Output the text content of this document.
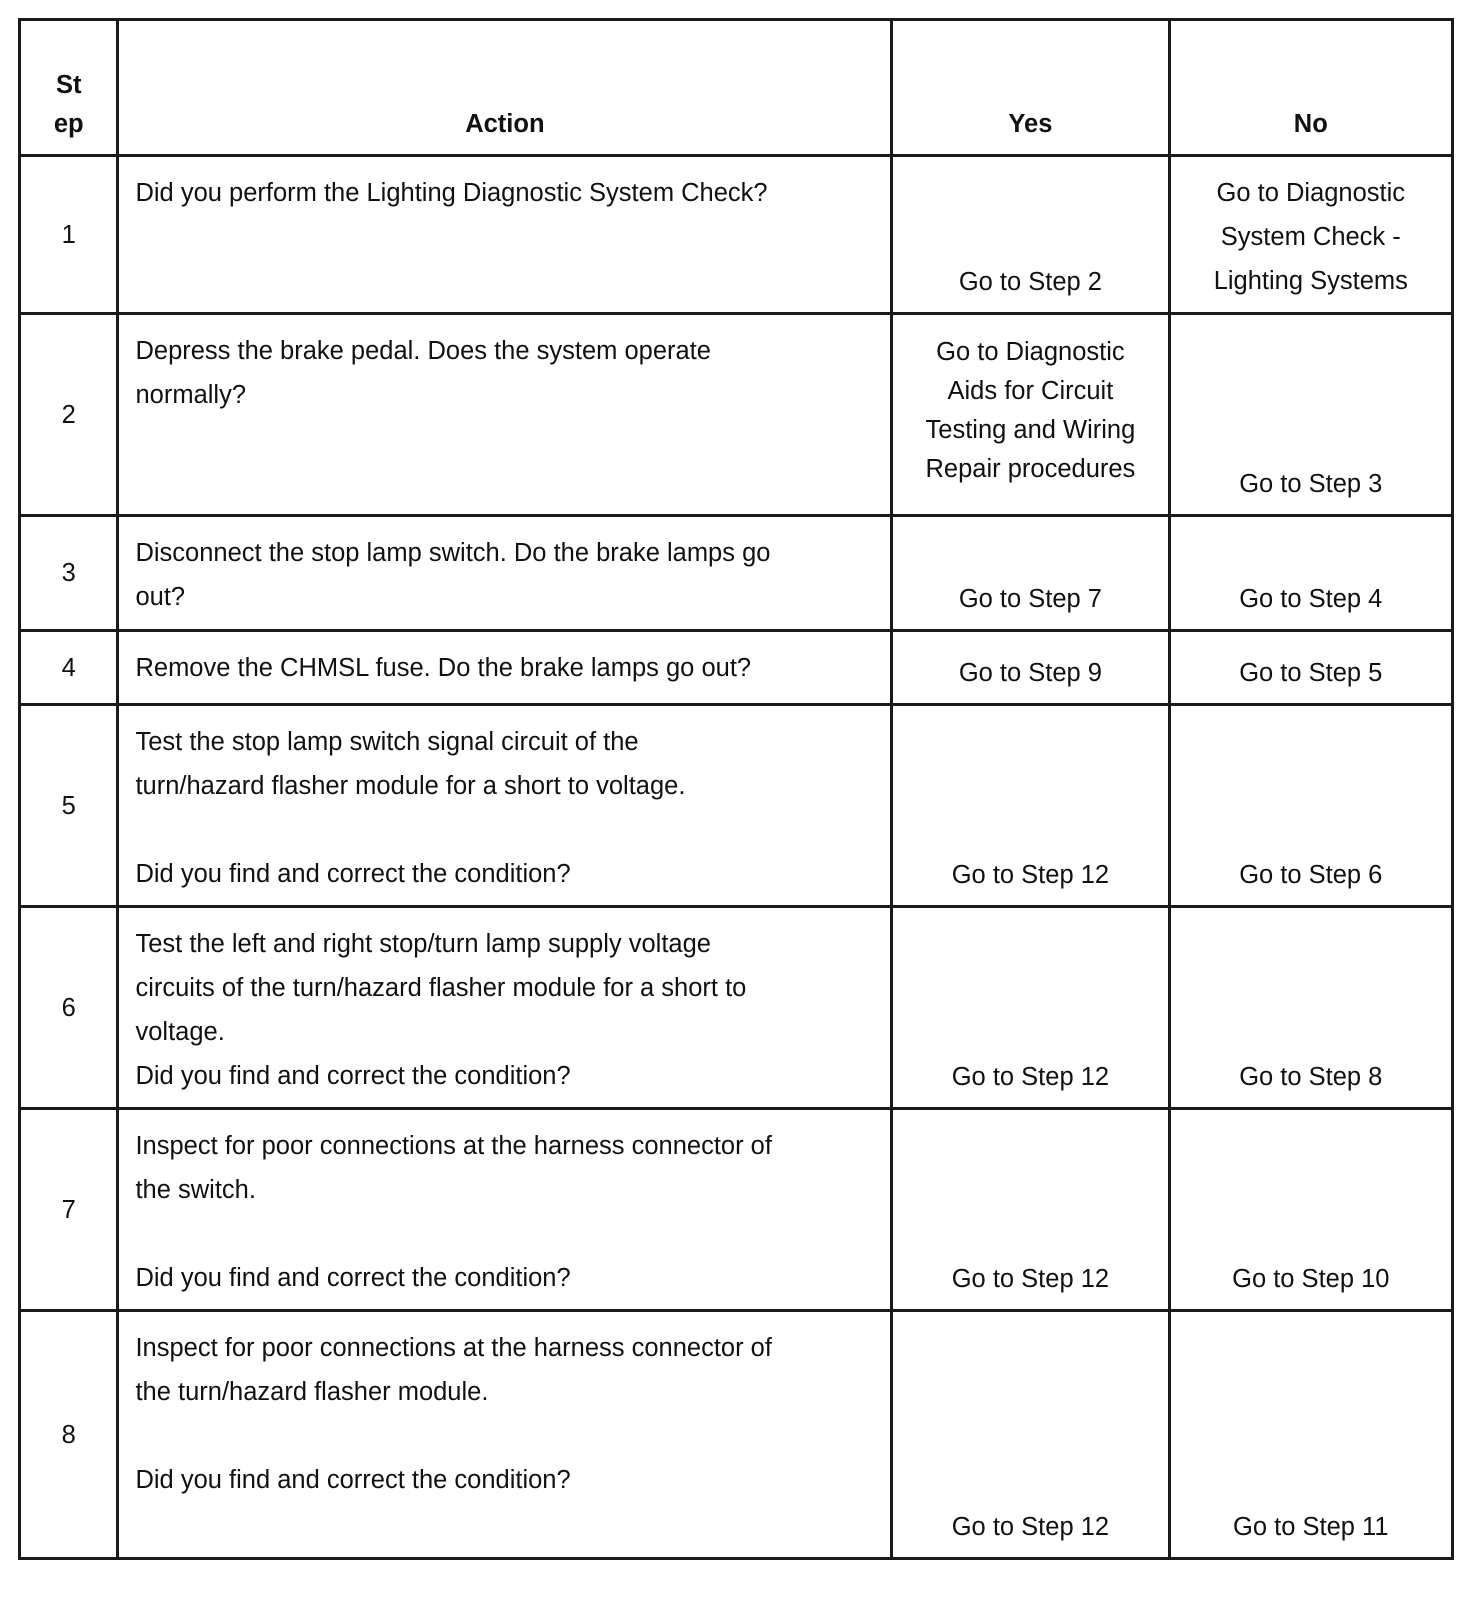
St
ep	Action	Yes	No
1	Did you perform the Lighting Diagnostic System Check?	Go to Step 2	Go to Diagnostic
System Check -
Lighting Systems

2	Depress the brake pedal. Does the system operate
normally?	Go to Diagnostic
Aids for Circuit
Testing and Wiring
Repair procedures	Go to Step 3
3	Disconnect the stop lamp switch. Do the brake lamps go
out?	Go to Step 7	Go to Step 4
4	Remove the CHMSL fuse. Do the brake lamps go out?	Go to Step 9	Go to Step 5
5	Test the stop lamp switch signal circuit of the
turn/hazard flasher module for a short to voltage.
Did you find and correct the condition?	Go to Step 12	Go to Step 6
6	Test the left and right stop/turn lamp supply voltage
circuits of the turn/hazard flasher module for a short to
voltage.
Did you find and correct the condition?	Go to Step 12	Go to Step 8
7	Inspect for poor connections at the harness connector of
the switch.
Did you find and correct the condition?	Go to Step 12	Go to Step 10
8	Inspect for poor connections at the harness connector of
the turn/hazard flasher module.
Did you find and correct the condition?	Go to Step 12	Go to Step 11
